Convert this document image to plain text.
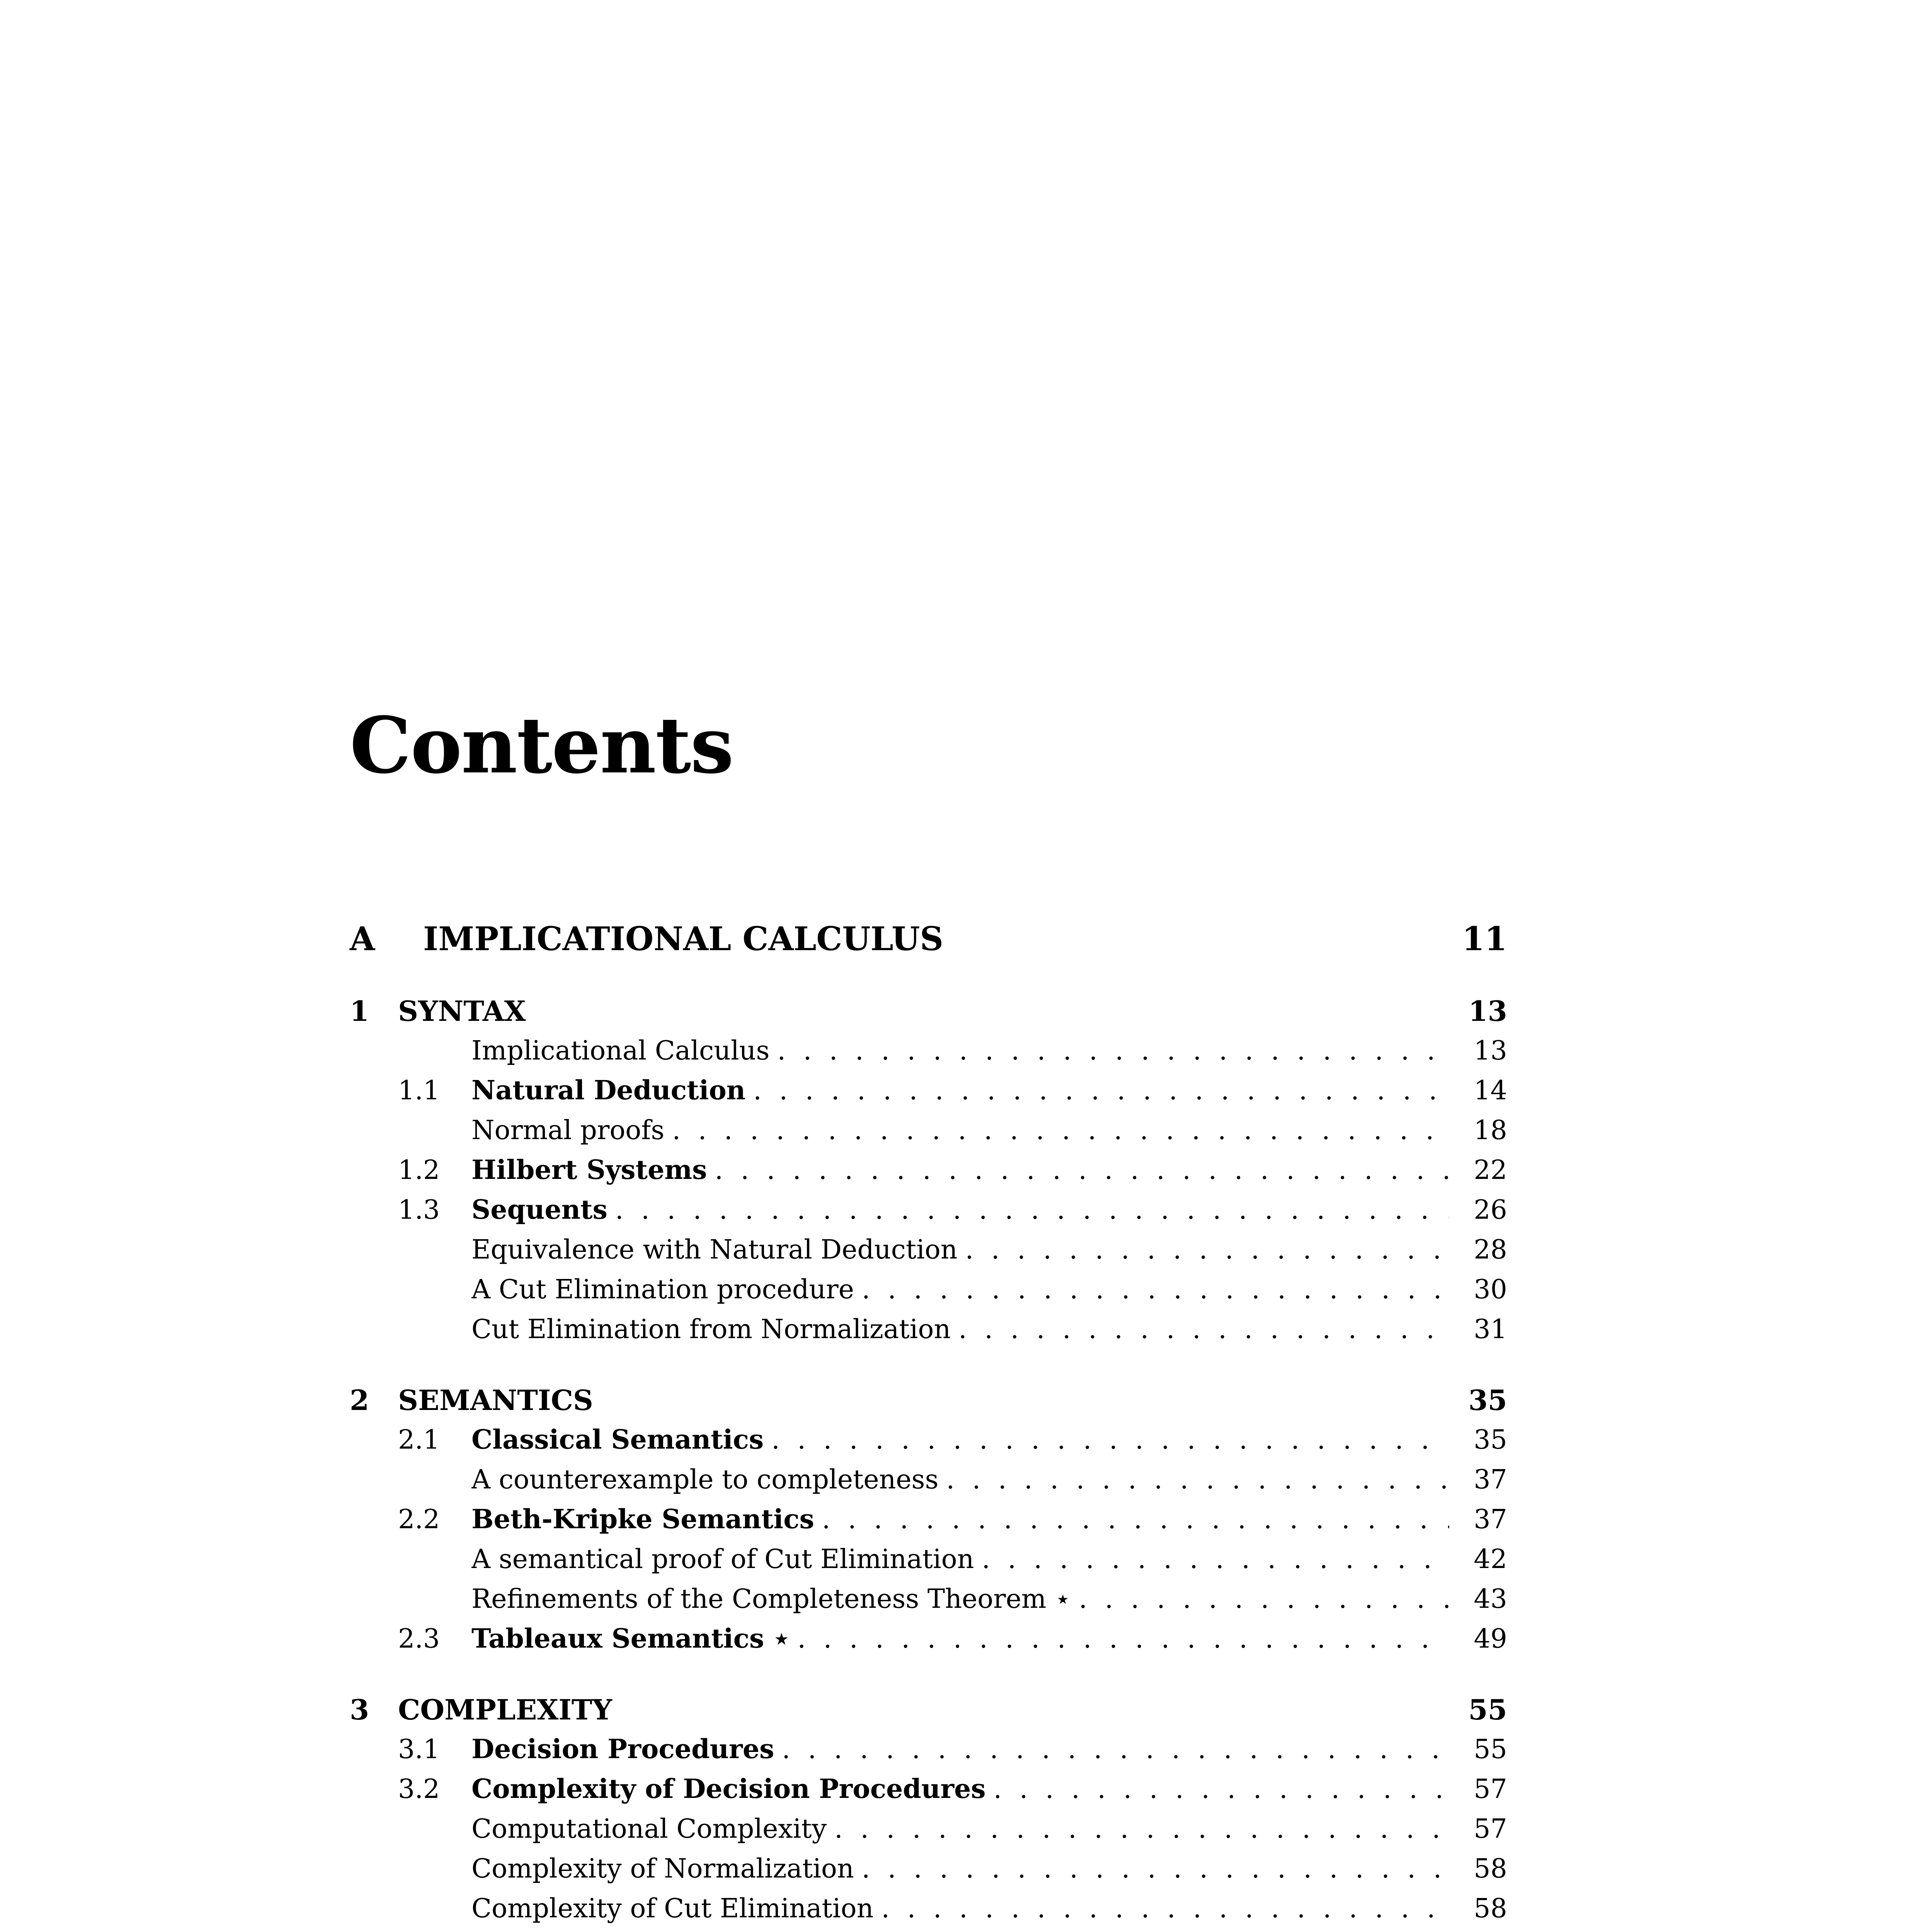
Contents
A IMPLICATIONAL CALCULUS	11
1 SYNTAX	13
Implicational Calculus . . .	13
1.1 Natural Deduction . . .	14
Normal proofs . . .	18
1.2 Hilbert Systems . . .	22
1.3 Sequents . . .	26
Equivalence with Natural Deduction . . .	28
A Cut Elimination procedure . . .	30
Cut Elimination from Normalization . . .	31
2 SEMANTICS	35
2.1 Classical Semantics . . .	35
A counterexample to completeness . . .	37
2.2 Beth-Kripke Semantics . . .	37
A semantical proof of Cut Elimination . . .	42
Refinements of the Completeness Theorem ⋆ . . .	43
2.3 Tableaux Semantics ⋆ . . .	49
3 COMPLEXITY	55
3.1 Decision Procedures . . .	55
3.2 Complexity of Decision Procedures . . .	57
Computational Complexity . . .	57
Complexity of Normalization . . .	58
Complexity of Cut Elimination . . .	58
